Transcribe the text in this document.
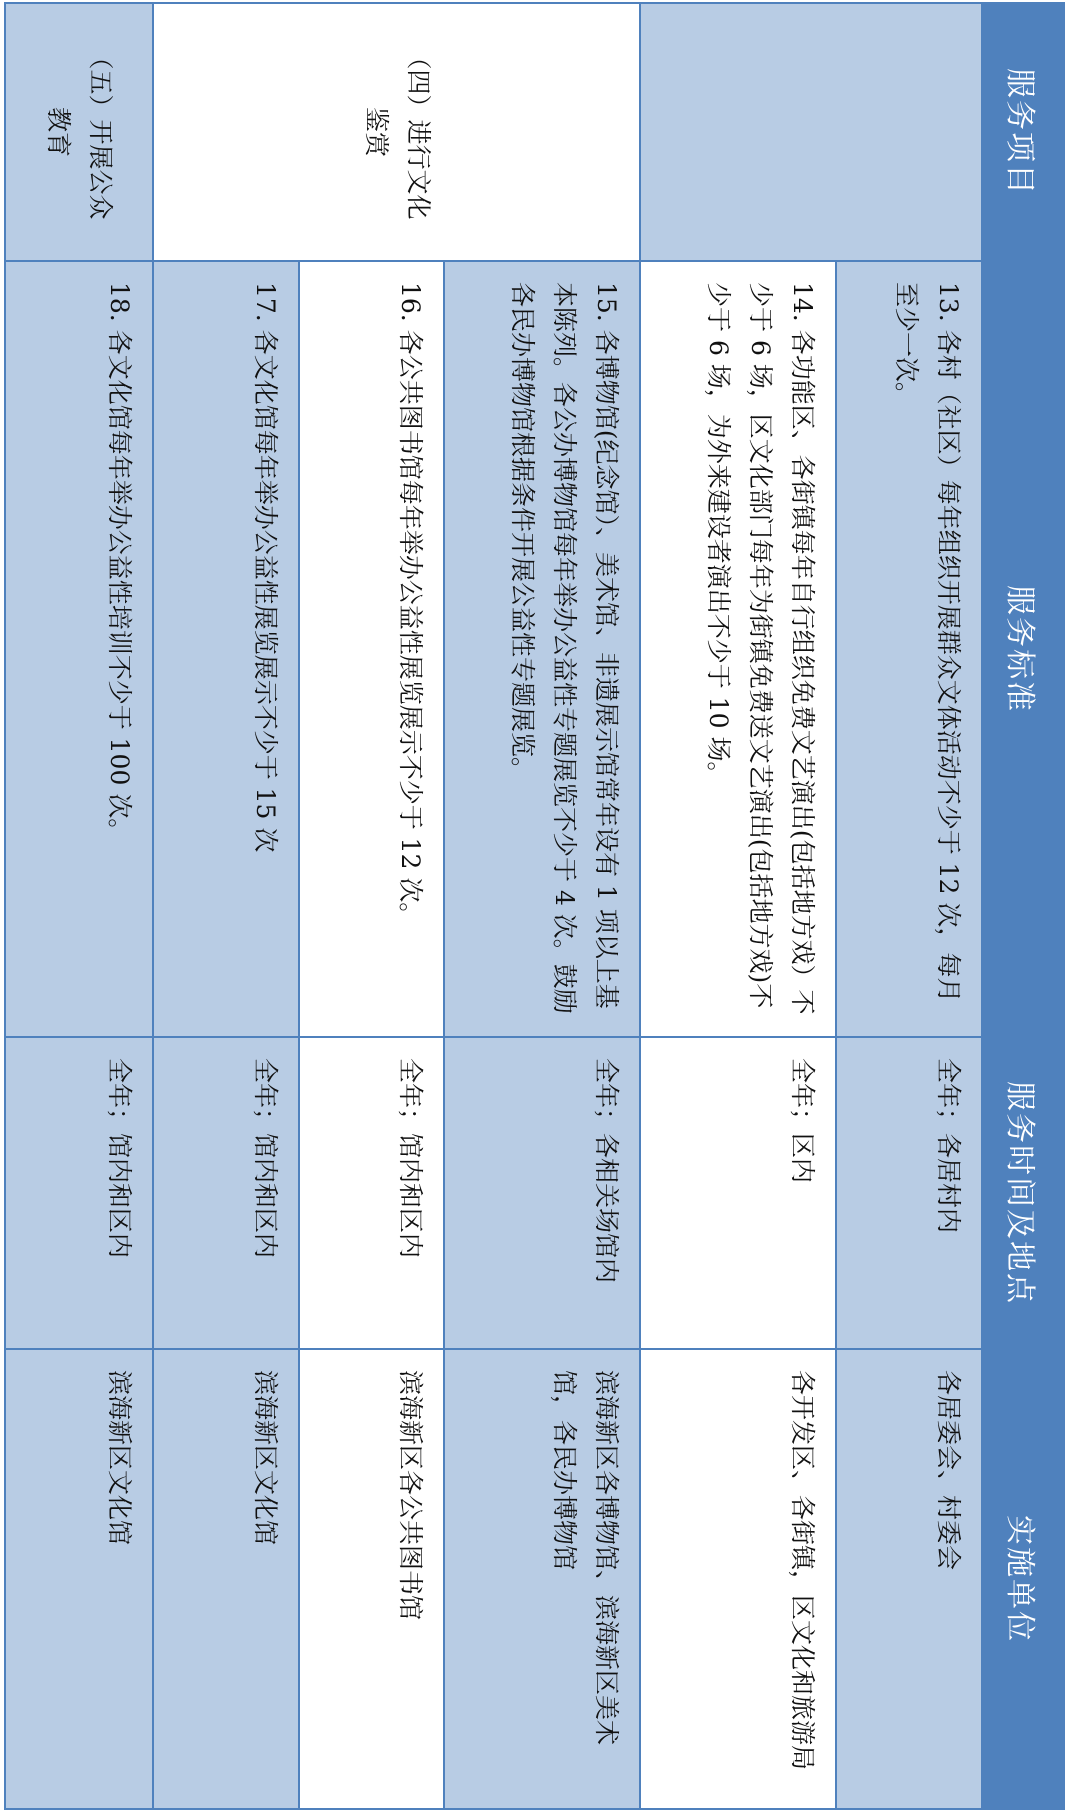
服务项目	服务标准	服务时间及地点	实施单位
	13. 各村（社区）每年组织开展群众文体活动不少于 12 次，每月至少一次。	全年；各居村内	各居委会、村委会
	14. 各功能区、各街镇每年自行组织免费文艺演出(包括地方戏）不少于 6 场，区文化部门每年为街镇免费送文艺演出(包括地方戏)不少于 6 场，为外来建设者演出不少于 10 场。	全年；区内	各开发区、各街镇，区文化和旅游局
（四）进行文化鉴赏	15. 各博物馆(纪念馆）、美术馆、非遗展示馆常年设有 1 项以上基本陈列。各公办博物馆每年举办公益性专题展览不少于 4 次。鼓励各民办博物馆根据条件开展公益性专题展览。	全年；各相关场馆内	滨海新区各博物馆、滨海新区美术馆，各民办博物馆
	16. 各公共图书馆每年举办公益性展览展示不少于 12 次。	全年；馆内和区内	滨海新区各公共图书馆
	17. 各文化馆每年举办公益性展览展示不少于 15 次	全年；馆内和区内	滨海新区文化馆
（五）开展公众教育	18. 各文化馆每年举办公益性培训不少于 100 次。	全年；馆内和区内	滨海新区文化馆
